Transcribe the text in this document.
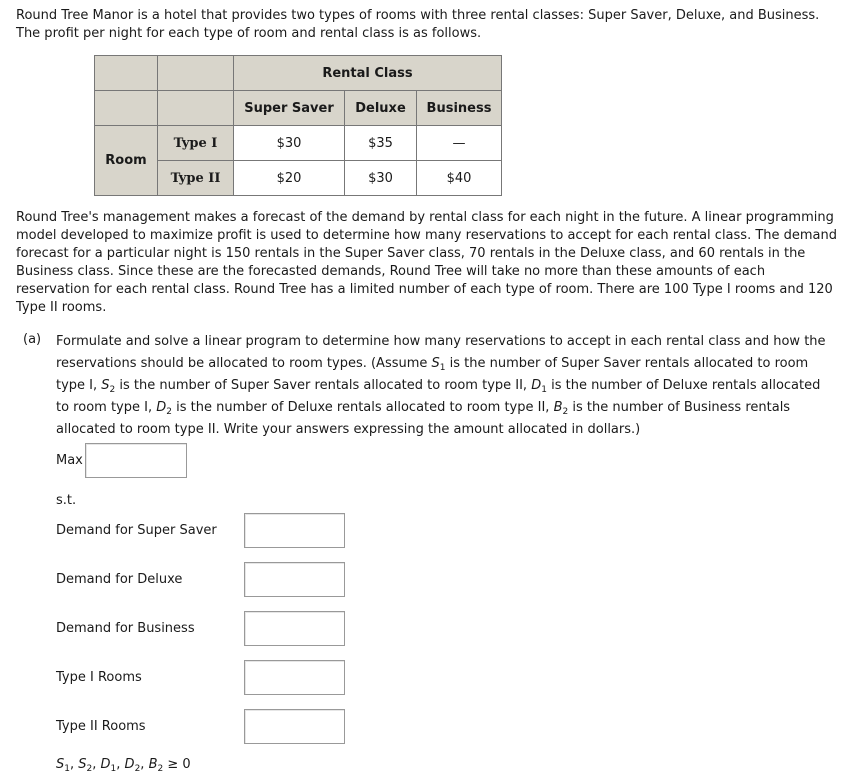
Round Tree Manor is a hotel that provides two types of rooms with three rental classes: Super Saver, Deluxe, and Business. The profit per night for each type of room and rental class is as follows.

		Rental Class		
		Super Saver	Deluxe	Business
Room	Type I	$30	$35	—
	Type II	$20	$30	$40

Round Tree's management makes a forecast of the demand by rental class for each night in the future. A linear programming model developed to maximize profit is used to determine how many reservations to accept for each rental class. The demand forecast for a particular night is 150 rentals in the Super Saver class, 70 rentals in the Deluxe class, and 60 rentals in the Business class. Since these are the forecasted demands, Round Tree will take no more than these amounts of each reservation for each rental class. Round Tree has a limited number of each type of room. There are 100 Type I rooms and 120 Type II rooms.

(a) Formulate and solve a linear program to determine how many reservations to accept in each rental class and how the reservations should be allocated to room types. (Assume $S_1$ is the number of Super Saver rentals allocated to room type I, $S_2$ is the number of Super Saver rentals allocated to room type II, $D_1$ is the number of Deluxe rentals allocated to room type I, $D_2$ is the number of Deluxe rentals allocated to room type II, $B_2$ is the number of Business rentals allocated to room type II. Write your answers expressing the amount allocated in dollars.)
Max
s.t.
Demand for Super Saver
Demand for Deluxe
Demand for Business
Type I Rooms
Type II Rooms
$S_1$, $S_2$, $D_1$, $D_2$, $B_2 \ge 0$
